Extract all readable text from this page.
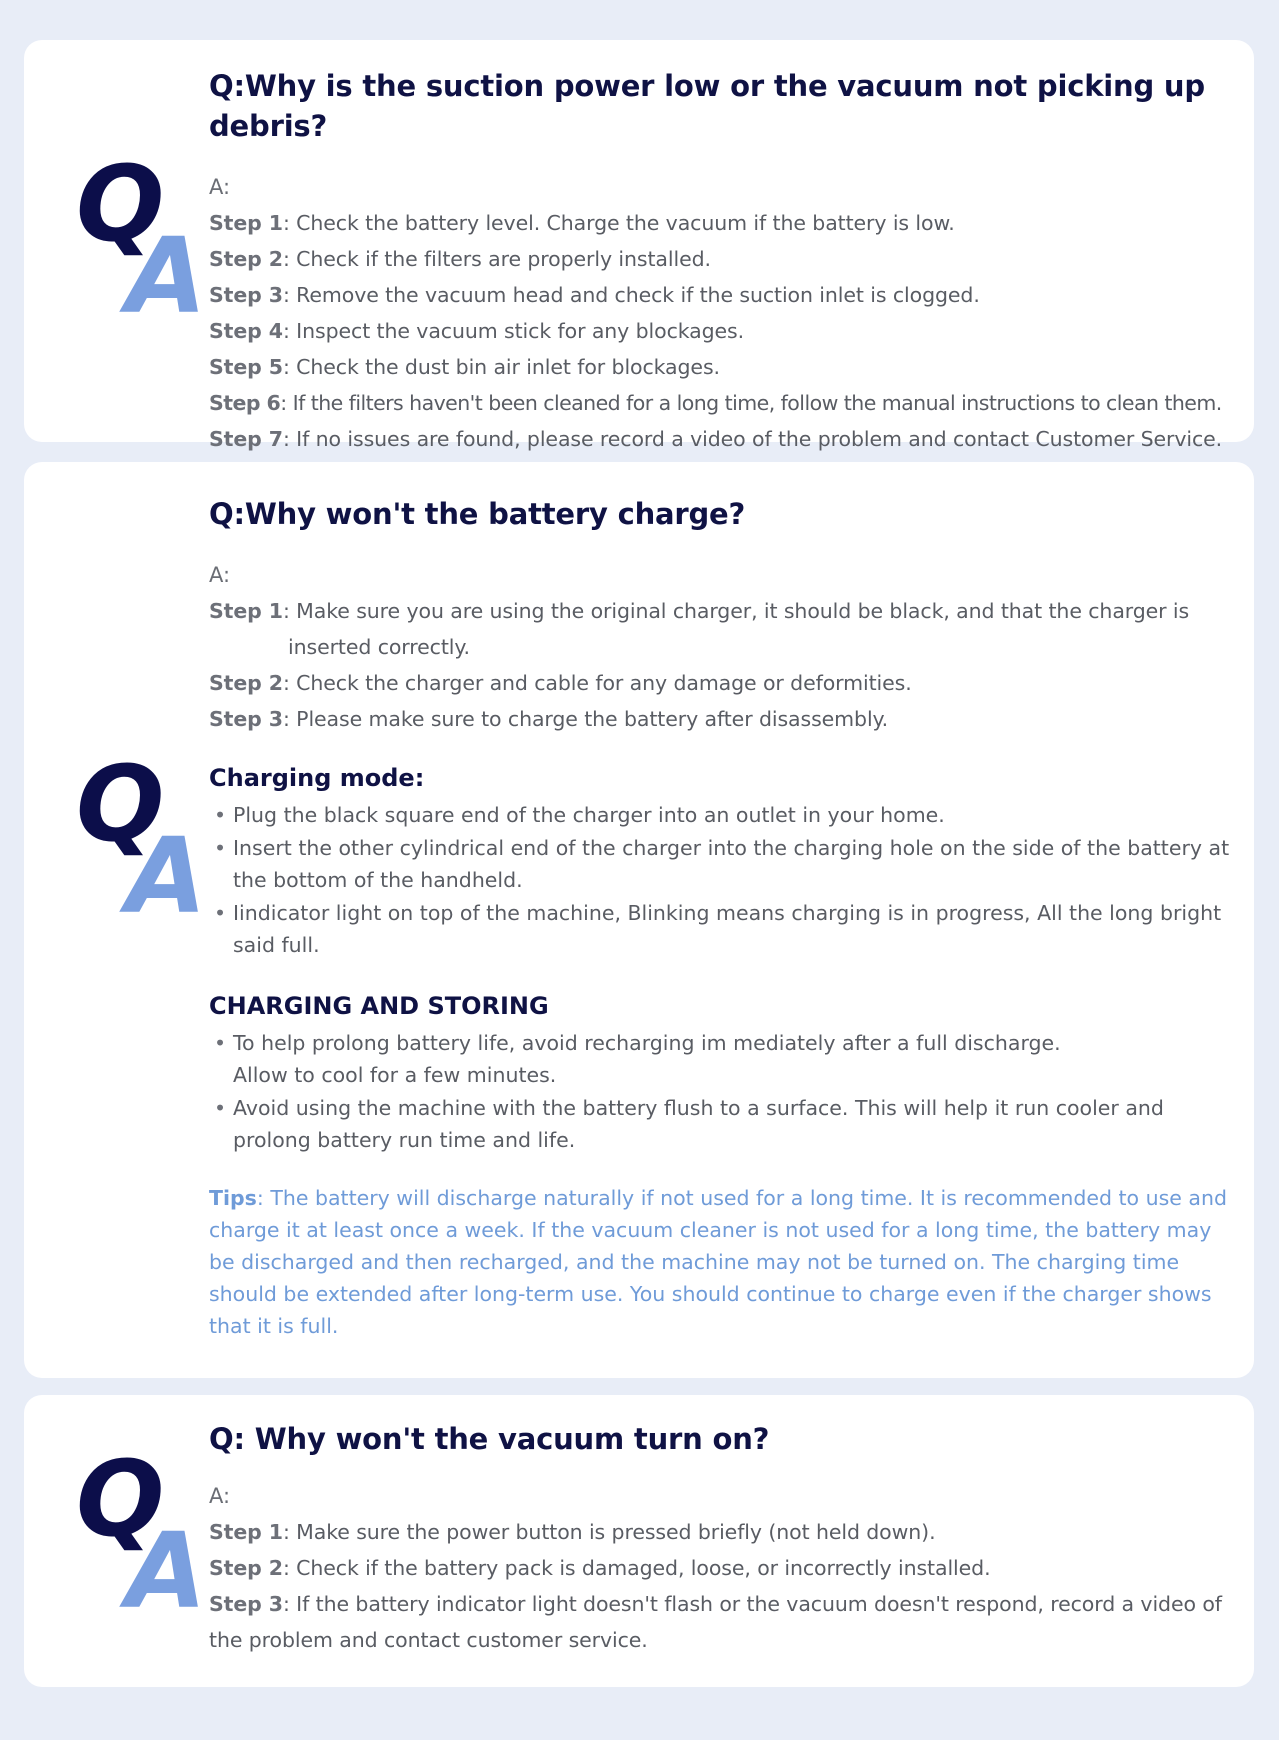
Q
A
Q:Why is the suction power low or the vacuum not picking up debris?
A:
Step 1: Check the battery level. Charge the vacuum if the battery is low.
Step 2: Check if the filters are properly installed.
Step 3: Remove the vacuum head and check if the suction inlet is clogged.
Step 4: Inspect the vacuum stick for any blockages.
Step 5: Check the dust bin air inlet for blockages.
Step 6: If the filters haven't been cleaned for a long time, follow the manual instructions to clean them.
Step 7: If no issues are found, please record a video of the problem and contact Customer Service.
Q
A
Q:Why won't the battery charge?
A:
Step 1: Make sure you are using the original charger, it should be black, and that the charger is
inserted correctly.
Step 2: Check the charger and cable for any damage or deformities.
Step 3: Please make sure to charge the battery after disassembly.
Charging mode:
• Plug the black square end of the charger into an outlet in your home.
• Insert the other cylindrical end of the charger into the charging hole on the side of the battery at the bottom of the handheld.
• Iindicator light on top of the machine, Blinking means charging is in progress, All the long bright said full.
CHARGING AND STORING
• To help prolong battery life, avoid recharging im mediately after a full discharge.
Allow to cool for a few minutes.
• Avoid using the machine with the battery flush to a surface. This will help it run cooler and prolong battery run time and life.
Tips: The battery will discharge naturally if not used for a long time. It is recommended to use and charge it at least once a week. If the vacuum cleaner is not used for a long time, the battery may be discharged and then recharged, and the machine may not be turned on. The charging time should be extended after long-term use. You should continue to charge even if the charger shows that it is full.
Q
A
Q: Why won't the vacuum turn on?
A:
Step 1: Make sure the power button is pressed briefly (not held down).
Step 2: Check if the battery pack is damaged, loose, or incorrectly installed.
Step 3: If the battery indicator light doesn't flash or the vacuum doesn't respond, record a video of
the problem and contact customer service.
